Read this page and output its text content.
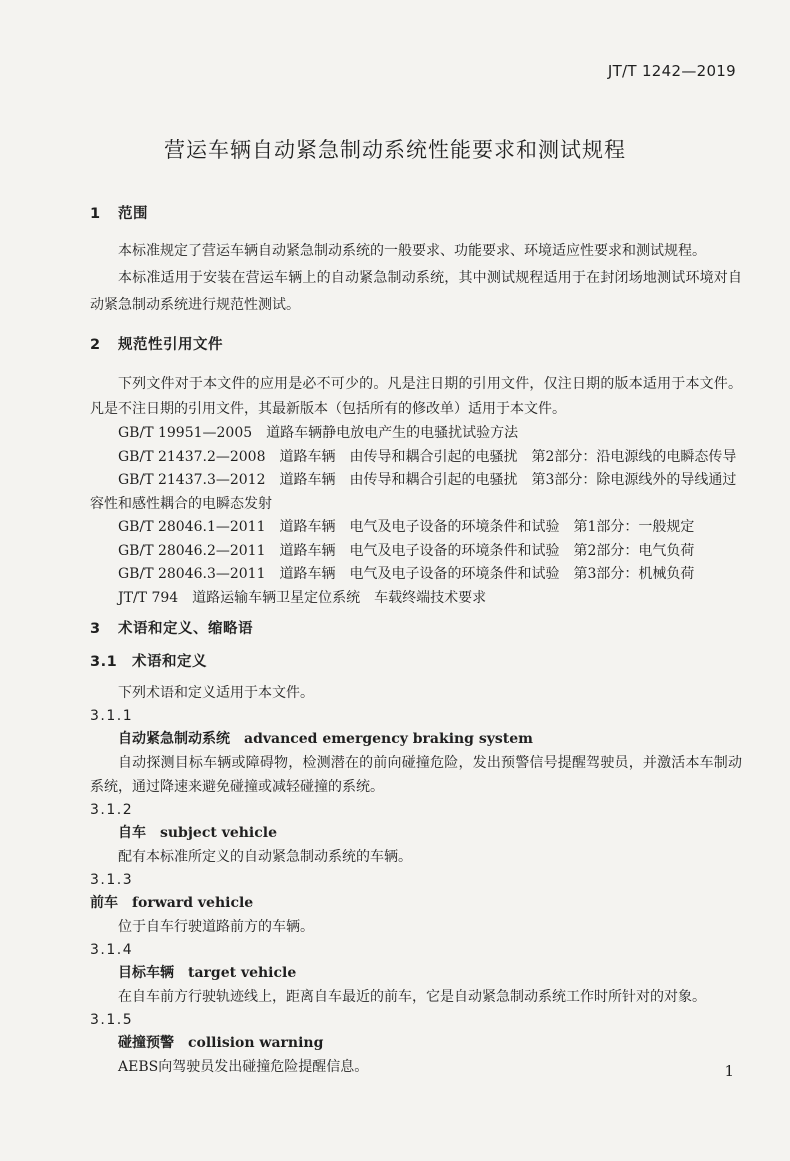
JT/T 1242—2019
营运车辆自动紧急制动系统性能要求和测试规程
1 范围

本标准规定了营运车辆自动紧急制动系统的一般要求、功能要求、环境适应性要求和测试规程。

本标准适用于安装在营运车辆上的自动紧急制动系统，其中测试规程适用于在封闭场地测试环境对自动紧急制动系统进行规范性测试。

2 规范性引用文件

下列文件对于本文件的应用是必不可少的。凡是注日期的引用文件，仅注日期的版本适用于本文件。凡是不注日期的引用文件，其最新版本（包括所有的修改单）适用于本文件。

GB/T 19951—2005　道路车辆静电放电产生的电骚扰试验方法
GB/T 21437.2—2008　道路车辆　由传导和耦合引起的电骚扰　第2部分：沿电源线的电瞬态传导
GB/T 21437.3—2012　道路车辆　由传导和耦合引起的电骚扰　第3部分：除电源线外的导线通过容性和感性耦合的电瞬态发射
GB/T 28046.1—2011　道路车辆　电气及电子设备的环境条件和试验　第1部分：一般规定
GB/T 28046.2—2011　道路车辆　电气及电子设备的环境条件和试验　第2部分：电气负荷
GB/T 28046.3—2011　道路车辆　电气及电子设备的环境条件和试验　第3部分：机械负荷
JT/T 794　道路运输车辆卫星定位系统　车载终端技术要求
3 术语和定义、缩略语
3.1 术语和定义
下列术语和定义适用于本文件。
3.1.1
自动紧急制动系统 advanced emergency braking system
自动探测目标车辆或障碍物，检测潜在的前向碰撞危险，发出预警信号提醒驾驶员，并激活本车制动系统，通过降速来避免碰撞或减轻碰撞的系统。
3.1.2
自车 subject vehicle
配有本标准所定义的自动紧急制动系统的车辆。
3.1.3
前车 forward vehicle
位于自车行驶道路前方的车辆。
3.1.4
目标车辆 target vehicle
在自车前方行驶轨迹线上，距离自车最近的前车，它是自动紧急制动系统工作时所针对的对象。
3.1.5
碰撞预警 collision warning
AEBS向驾驶员发出碰撞危险提醒信息。	1
